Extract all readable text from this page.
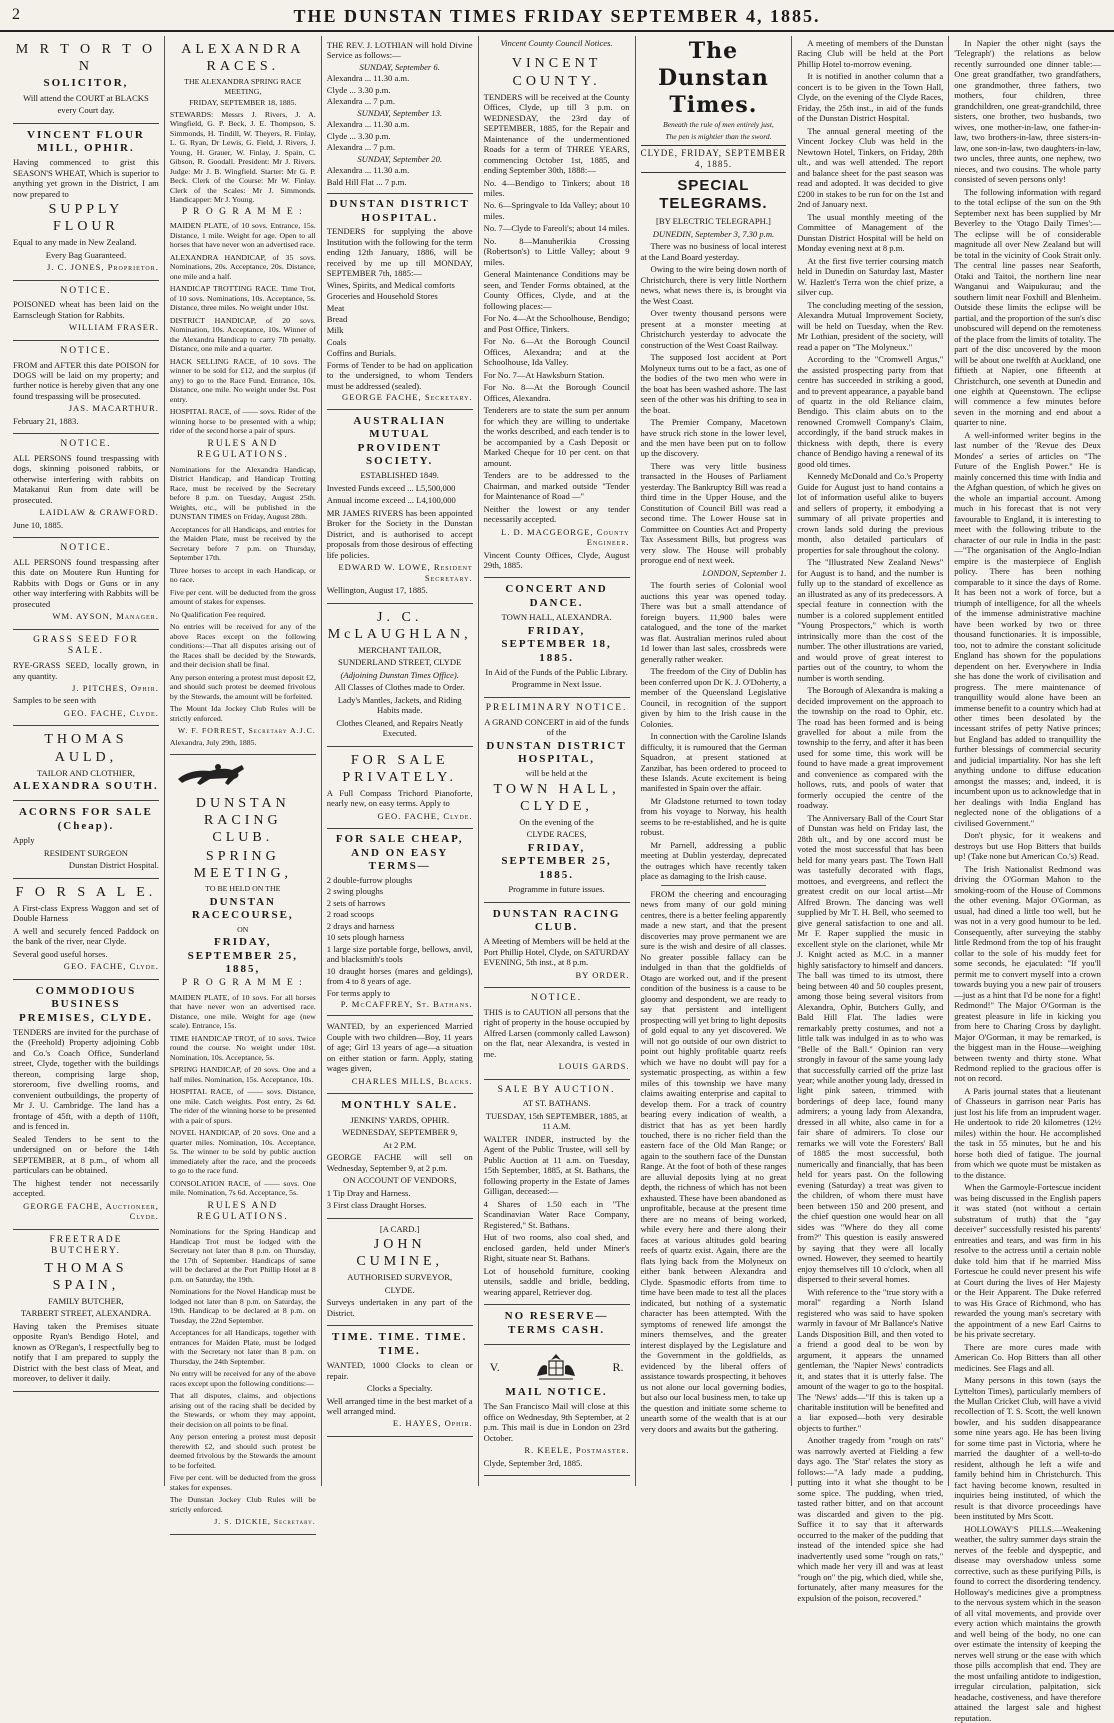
2	THE DUNSTAN TIMES FRIDAY SEPTEMBER 4, 1885.

M R T O R T O N

SOLICITOR,

Will attend the COURT at BLACKS

every Court day.

VINCENT FLOUR MILL, OPHIR.

Having commenced to grist this SEASON'S WHEAT, Which is superior to anything yet grown in the District, I am now prepared to

SUPPLY FLOUR

Equal to any made in New Zealand.

Every Bag Guaranteed.

J. C. JONES, Proprietor.

NOTICE.

POISONED wheat has been laid on the Earnscleugh Station for Rabbits.

WILLIAM FRASER.

NOTICE.

FROM and AFTER this date POISON for DOGS will be laid on my property; and further notice is hereby given that any one found trespassing will be prosecuted.

JAS. MACARTHUR.

February 21, 1883.

NOTICE.

ALL PERSONS found trespassing with dogs, skinning poisoned rabbits, or otherwise interfering with rabbits on Matakanui Run from date will be prosecuted.

LAIDLAW & CRAWFORD.

June 10, 1885.

NOTICE.

ALL PERSONS found trespassing after this date on Moutere Run Hunting for Rabbits with Dogs or Guns or in any other way interfering with Rabbits will be prosecuted

WM. AYSON, Manager.

GRASS SEED FOR SALE.

RYE-GRASS SEED, locally grown, in any quantity.

J. PITCHES, Ophir.

Samples to be seen with

GEO. FACHE, Clyde.

THOMAS AULD,

TAILOR AND CLOTHIER,

ALEXANDRA SOUTH.

ACORNS FOR SALE (Cheap).

Apply

RESIDENT SURGEON

Dunstan District Hospital.

F O R S A L E.

A First-class Express Waggon and set of Double Harness

A well and securely fenced Paddock on the bank of the river, near Clyde.

Several good useful horses.

GEO. FACHE, Clyde.

COMMODIOUS BUSINESS PREMISES, CLYDE.

TENDERS are invited for the purchase of the (Freehold) Property adjoining Cobb and Co.'s Coach Office, Sunderland street, Clyde, together with the buildings thereon, comprising large shop, storeroom, five dwelling rooms, and convenient outbuildings, the property of Mr J. U. Cambridge. The land has a frontage of 45ft, with a depth of 110ft, and is fenced in.

Sealed Tenders to be sent to the undersigned on or before the 14th SEPTEMBER, at 8 p.m., of whom all particulars can be obtained.

The highest tender not necessarily accepted.

GEORGE FACHE, Auctioneer, Clyde.

FREETRADE BUTCHERY.

THOMAS SPAIN,

FAMILY BUTCHER,

TARBERT STREET, ALEXANDRA.

Having taken the Premises situate opposite Ryan's Bendigo Hotel, and known as O'Regan's, I respectfully beg to notify that I am prepared to supply the District with the best class of Meat, and moreover, to deliver it daily.

ALEXANDRA RACES.

THE ALEXANDRA SPRING RACE MEETING,

FRIDAY, SEPTEMBER 18, 1885.

STEWARDS: Messrs J. Rivers, J. A. Wingfield, G. P. Beck, J. E. Thompson, S. Simmonds, H. Tindill, W. Theyers, R. Finlay, L. G. Ryan, Dr Lewis, G. Field, J. Rivers, J. Young, H. Grauer, W. Finlay, J. Spain, C. Gibson, R. Goodall. President: Mr J. Rivers. Judge: Mr J. B. Wingfield. Starter: Mr G. P. Beck. Clerk of the Course: Mr W. Finlay. Clerk of the Scales: Mr J. Simmonds. Handicapper: Mr J. Young.

P R O G R A M M E :

MAIDEN PLATE, of 10 sovs. Entrance, 15s. Distance, 1 mile. Weight for age. Open to all horses that have never won an advertised race.

ALEXANDRA HANDICAP, of 35 sovs. Nominations, 20s. Acceptance, 20s. Distance, one mile and a half.

HANDICAP TROTTING RACE. Time Trot, of 10 sovs. Nominations, 10s. Acceptance, 5s. Distance, three miles. No weight under 10st.

DISTRICT HANDICAP, of 20 sovs. Nomination, 10s. Acceptance, 10s. Winner of the Alexandra Handicap to carry 7lb penalty. Distance, one mile and a quarter.

HACK SELLING RACE, of 10 sovs. The winner to be sold for £12, and the surplus (if any) to go to the Race Fund. Entrance, 10s. Distance, one mile. No weight under 9st. Post entry.

HOSPITAL RACE, of —— sovs. Rider of the winning horse to be presented with a whip; rider of the second horse a pair of spurs.

RULES AND REGULATIONS.

Nominations for the Alexandra Handicap, District Handicap, and Handicap Trotting Race, must be received by the Secretary before 8 p.m. on Tuesday, August 25th. Weights, etc., will be published in the DUNSTAN TIMES on Friday, August 28th.

Acceptances for all Handicaps, and entries for the Maiden Plate, must be received by the Secretary before 7 p.m. on Thursday, September 17th.

Three horses to accept in each Handicap, or no race.

Five per cent. will be deducted from the gross amount of stakes for expenses.

No Qualification Fee required.

No entries will be received for any of the above Races except on the following conditions:—That all disputes arising out of the Races shall be decided by the Stewards, and their decision shall be final.

Any person entering a protest must deposit £2, and should such protest be deemed frivolous by the Stewards, the amount will be forfeited.

The Mount Ida Jockey Club Rules will be strictly enforced.

W. F. FORREST, Secretary A.J.C.

Alexandra, July 29th, 1885.

DUNSTAN RACING CLUB.

SPRING MEETING,

TO BE HELD ON THE

DUNSTAN RACECOURSE,

ON

FRIDAY, SEPTEMBER 25, 1885,

P R O G R A M M E :

MAIDEN PLATE, of 10 sovs. For all horses that have never won an advertised race. Distance, one mile. Weight for age (new scale). Entrance, 15s.

TIME HANDICAP TROT, of 10 sovs. Twice round the course. No weight under 10st. Nomination, 10s. Acceptance, 5s.

SPRING HANDICAP, of 20 sovs. One and a half miles. Nomination, 15s. Acceptance, 10s.

HOSPITAL RACE, of —— sovs. Distance, one mile. Catch weights. Post entry, 2s 6d. The rider of the winning horse to be presented with a pair of spurs.

NOVEL HANDICAP, of 20 sovs. One and a quarter miles. Nomination, 10s. Acceptance, 5s. The winner to be sold by public auction immediately after the race, and the proceeds to go to the race fund.

CONSOLATION RACE, of —— sovs. One mile. Nomination, 7s 6d. Acceptance, 5s.

RULES AND REGULATIONS.

Nominations for the Spring Handicap and Handicap Trot must be lodged with the Secretary not later than 8 p.m. on Thursday, the 17th of September. Handicaps of same will be declared at the Port Phillip Hotel at 8 p.m. on Saturday, the 19th.

Nominations for the Novel Handicap must be lodged not later than 8 p.m. on Saturday, the 19th. Handicap to be declared at 8 p.m. on Tuesday, the 22nd September.

Acceptances for all Handicaps, together with entrances for Maiden Plate, must be lodged with the Secretary not later than 8 p.m. on Thursday, the 24th September.

No entry will be received for any of the above races except upon the following conditions:—

That all disputes, claims, and objections arising out of the racing shall be decided by the Stewards, or whom they may appoint, their decision on all points to be final.

Any person entering a protest must deposit therewith £2, and should such protest be deemed frivolous by the Stewards the amount to be forfeited.

Five per cent. will be deducted from the gross stakes for expenses.

The Dunstan Jockey Club Rules will be strictly enforced.

J. S. DICKIE, Secretary.

THE REV. J. LOTHIAN will hold Divine Service as follows:—

SUNDAY, September 6.

Alexandra ... 11.30 a.m.

Clyde ... 3.30 p.m.

Alexandra ... 7 p.m.

SUNDAY, September 13.

Alexandra ... 11.30 a.m.

Clyde ... 3.30 p.m.

Alexandra ... 7 p.m.

SUNDAY, September 20.

Alexandra ... 11.30 a.m.

Bald Hill Flat ... 7 p.m.

DUNSTAN DISTRICT HOSPITAL.

TENDERS for supplying the above Institution with the following for the term ending 12th January, 1886, will be received by me up till MONDAY, SEPTEMBER 7th, 1885:—

Wines, Spirits, and Medical comforts

Groceries and Household Stores

Meat

Bread

Milk

Coals

Coffins and Burials.

Forms of Tender to be had on application to the undersigned, to whom Tenders must be addressed (sealed).

GEORGE FACHE, Secretary.

AUSTRALIAN MUTUAL PROVIDENT SOCIETY.

ESTABLISHED 1849.

Invested Funds exceed ... L5,500,000

Annual income exceed ... L4,100,000

MR JAMES RIVERS has been appointed Broker for the Society in the Dunstan District, and is authorised to accept proposals from those desirous of effecting life policies.

EDWARD W. LOWE, Resident Secretary.

Wellington, August 17, 1885.

J. C. McLAUGHLAN,

MERCHANT TAILOR,

SUNDERLAND STREET, CLYDE

(Adjoining Dunstan Times Office).

All Classes of Clothes made to Order.

Lady's Mantles, Jackets, and Riding Habits made.

Clothes Cleaned, and Repairs Neatly Executed.

FOR SALE PRIVATELY.

A Full Compass Trichord Pianoforte, nearly new, on easy terms. Apply to

GEO. FACHE, Clyde.

FOR SALE CHEAP, AND ON EASY TERMS—

2 double-furrow ploughs

2 swing ploughs

2 sets of harrows

2 road scoops

2 drays and harness

10 sets plough harness

1 large size portable forge, bellows, anvil, and blacksmith's tools

10 draught horses (mares and geldings), from 4 to 8 years of age.

For terms apply to

P. McCAFFREY, St. Bathans.

WANTED, by an experienced Married Couple with two children—Boy, 11 years of age; Girl 13 years of age—a situation on either station or farm. Apply, stating wages given,

CHARLES MILLS, Blacks.

MONTHLY SALE.

JENKINS' YARDS, OPHIR.

WEDNESDAY, SEPTEMBER 9,

At 2 P.M.

GEORGE FACHE will sell on Wednesday, September 9, at 2 p.m.

ON ACCOUNT OF VENDORS,

1 Tip Dray and Harness.

3 First class Draught Horses.

[A CARD.]

JOHN CUMINE,

AUTHORISED SURVEYOR,

CLYDE.

Surveys undertaken in any part of the District.

TIME. TIME. TIME. TIME.

WANTED, 1000 Clocks to clean or repair.

Clocks a Specialty.

Well arranged time in the best market of a well arranged mind.

E. HAYES, Ophir.

Vincent County Council Notices.

VINCENT COUNTY.

TENDERS will be received at the County Offices, Clyde, up till 3 p.m. on WEDNESDAY, the 23rd day of SEPTEMBER, 1885, for the Repair and Maintenance of the undermentioned Roads for a term of THREE YEARS, commencing October 1st, 1885, and ending September 30th, 1888:—

No. 4—Bendigo to Tinkers; about 18 miles.

No. 6—Springvale to Ida Valley; about 10 miles.

No. 7—Clyde to Fareoli's; about 14 miles.

No. 8—Manuherikia Crossing (Robertson's) to Little Valley; about 9 miles.

General Maintenance Conditions may be seen, and Tender Forms obtained, at the County Offices, Clyde, and at the following places:—

For No. 4—At the Schoolhouse, Bendigo; and Post Office, Tinkers.

For No. 6—At the Borough Council Offices, Alexandra; and at the Schoolhouse, Ida Valley.

For No. 7—At Hawksburn Station.

For No. 8—At the Borough Council Offices, Alexandra.

Tenderers are to state the sum per annum for which they are willing to undertake the works described, and each tender is to be accompanied by a Cash Deposit or Marked Cheque for 10 per cent. on that amount.

Tenders are to be addressed to the Chairman, and marked outside "Tender for Maintenance of Road —"

Neither the lowest or any tender necessarily accepted.

L. D. MACGEORGE, County Engineer.

Vincent County Offices, Clyde, August 29th, 1885.

CONCERT AND DANCE.

TOWN HALL, ALEXANDRA.

FRIDAY, SEPTEMBER 18, 1885.

In Aid of the Funds of the Public Library.

Programme in Next Issue.

PRELIMINARY NOTICE.

A GRAND CONCERT in aid of the funds of the

DUNSTAN DISTRICT HOSPITAL,

will be held at the

TOWN HALL, CLYDE,

On the evening of the

CLYDE RACES,

FRIDAY, SEPTEMBER 25, 1885.

Programme in future issues.

DUNSTAN RACING CLUB.

A Meeting of Members will be held at the Port Phillip Hotel, Clyde, on SATURDAY EVENING, 5th inst., at 8 p.m.

BY ORDER.

NOTICE.

THIS is to CAUTION all persons that the right of property in the house occupied by Alfred Larsen (commonly called Lawson) on the flat, near Alexandra, is vested in me.

LOUIS GARDS.

SALE BY AUCTION.

AT ST. BATHANS.

TUESDAY, 15th SEPTEMBER, 1885, at 11 A.M.

WALTER INDER, instructed by the Agent of the Public Trustee, will sell by Public Auction at 11 a.m. on Tuesday, 15th September, 1885, at St. Bathans, the following property in the Estate of James Gilligan, deceased:—

4 Shares of 1.50 each in "The Scandinavian Water Race Company, Registered," St. Bathans.

Hut of two rooms, also coal shed, and enclosed garden, held under Miner's Right, situate near St. Bathans.

Lot of household furniture, cooking utensils, saddle and bridle, bedding, wearing apparel, Retriever dog.

NO RESERVE—TERMS CASH.

V.	R.

MAIL NOTICE.

The San Francisco Mail will close at this office on Wednesday, 9th September, at 2 p.m. This mail is due in London on 23rd October.

R. KEELE, Postmaster.

Clyde, September 3rd, 1885.

The Dunstan Times.

Beneath the rule of men entirely just,

The pen is mightier than the sword.

CLYDE, FRIDAY, SEPTEMBER 4, 1885.
SPECIAL TELEGRAMS.

[BY ELECTRIC TELEGRAPH.]

DUNEDIN, September 3, 7.30 p.m.

There was no business of local interest at the Land Board yesterday.

Owing to the wire being down north of Christchurch, there is very little Northern news, what news there is, is brought via the West Coast.

Over twenty thousand persons were present at a monster meeting at Christchurch yesterday to advocate the construction of the West Coast Railway.

The supposed lost accident at Port Molyneux turns out to be a fact, as one of the bodies of the two men who were in the boat has been washed ashore. The last seen of the other was his drifting to sea in the boat.

The Premier Company, Macetown have struck rich stone in the lower level, and the men have been put on to follow up the discovery.

There was very little business transacted in the Houses of Parliament yesterday. The Bankruptcy Bill was read a third time in the Upper House, and the Constitution of Council Bill was read a second time. The Lower House sat in Committee on Counties Act and Property Tax Assessment Bills, but progress was very slow. The House will probably prorogue end of next week.

LONDON, September 1.

The fourth series of Colonial wool auctions this year was opened today. There was but a small attendance of foreign buyers. 11,900 bales were catalogued, and the tone of the market was flat. Australian merinos ruled about 1d lower than last sales, crossbreds were generally rather weaker.

The freedom of the City of Dublin has been conferred upon Dr K. J. O'Doherty, a member of the Queensland Legislative Council, in recognition of the support given by him to the Irish cause in the Colonies.

In connection with the Caroline Islands difficulty, it is rumoured that the German Squadron, at present stationed at Zanzibar, has been ordered to proceed to these Islands. Acute excitement is being manifested in Spain over the affair.

Mr Gladstone returned to town today from his voyage to Norway, his health seems to be re-established, and he is quite robust.

Mr Parnell, addressing a public meeting at Dublin yesterday, deprecated the outrages which have recently taken place as damaging to the Irish cause.

FROM the cheering and encouraging news from many of our gold mining centres, there is a better feeling apparently made a new start, and that the present discoveries may prove permanent we are sure is the wish and desire of all classes. No greater possible fallacy can be indulged in than that the goldfields of Otago are worked out, and if the present condition of the business is a cause to be gloomy and despondent, we are ready to say that persistent and intelligent prospecting will yet bring to light deposits of gold equal to any yet discovered. We will not go outside of our own district to point out highly profitable quartz reefs which we have no doubt will pay for a systematic prospecting, as within a few miles of this township we have many claims awaiting enterprise and capital to develop them. For a track of country bearing every indication of wealth, a district that has as yet been hardly touched, there is no richer field than the eastern face of the Old Man Range; or again to the southern face of the Dunstan Range. At the foot of both of these ranges are alluvial deposits lying at no great depth, the richness of which has not been exhausted. These have been abandoned as unprofitable, because at the present time there are no means of being worked, while every here and there along their faces at various altitudes gold bearing reefs of quartz exist. Again, there are the flats lying back from the Molyneux on either bank between Alexandra and Clyde. Spasmodic efforts from time to time have been made to test all the places indicated, but nothing of a systematic character has been attempted. With the symptoms of renewed life amongst the miners themselves, and the greater interest displayed by the Legislature and the Government in the goldfields, as evidenced by the liberal offers of assistance towards prospecting, it behoves us not alone our local governing bodies, but also our local business men, to take up the question and initiate some scheme to unearth some of the wealth that is at our very doors and awaits but the gathering.

A meeting of members of the Dunstan Racing Club will be held at the Port Phillip Hotel to-morrow evening.

It is notified in another column that a concert is to be given in the Town Hall, Clyde, on the evening of the Clyde Races, Friday, the 25th inst., in aid of the funds of the Dunstan District Hospital.

The annual general meeting of the Vincent Jockey Club was held in the Newtown Hotel, Tinkers, on Friday, 28th ult., and was well attended. The report and balance sheet for the past season was read and adopted. It was decided to give £200 in stakes to be run for on the 1st and 2nd of January next.

The usual monthly meeting of the Committee of Management of the Dunstan District Hospital will be held on Monday evening next at 8 p.m.

At the first five terrier coursing match held in Dunedin on Saturday last, Master W. Hazlett's Terra won the chief prize, a silver cup.

The concluding meeting of the session, Alexandra Mutual Improvement Society, will be held on Tuesday, when the Rev. Mr Lothian, president of the society, will read a paper on "The Molyneux."

According to the "Cromwell Argus," the assisted prospecting party from that centre has succeeded in striking a good, and to prevent appearance, a payable band of quartz in the old Reliance claim, Bendigo. This claim abuts on to the renowned Cromwell Company's Claim, accordingly, if the band struck makes in thickness with depth, there is every chance of Bendigo having a renewal of its good old times.

Kennedy McDonald and Co.'s Property Guide for August just to hand contains a lot of information useful alike to buyers and sellers of property, it embodying a summary of all private properties and crown lands sold during the previous month, also detailed particulars of properties for sale throughout the colony.

The "Illustrated New Zealand News" for August is to hand, and the number is fully up to the standard of excellence as an illustrated as any of its predecessors. A special feature in connection with the number is a colored supplement entitled "Young Prospectors," which is worth intrinsically more than the cost of the number. The other illustrations are varied, and would prove of great interest to parties out of the country, to whom the number is worth sending.

The Borough of Alexandra is making a decided improvement on the approach to the township on the road to Ophir, etc. The road has been formed and is being gravelled for about a mile from the township to the ferry, and after it has been used for some time, this work will be found to have made a great improvement and convenience as compared with the hollows, ruts, and pools of water that formerly occupied the centre of the roadway.

The Anniversary Ball of the Court Star of Dunstan was held on Friday last, the 28th ult., and by one accord must be voted the most successful that has been held for many years past. The Town Hall was tastefully decorated with flags, mottoes, and evergreens, and reflect the greatest credit on our local artist—Mr Alfred Brown. The dancing was well supplied by Mr T. H. Bell, who seemed to give general satisfaction to one and all. Mr F. Raper supplied the music in excellent style on the clarionet, while Mr J. Knight acted as M.C. in a manner highly satisfactory to himself and dancers. The ball was timed to its utmost, there being between 40 and 50 couples present, among those being several visitors from Alexandra, Ophir, Butchers Gully, and Bald Hill Flat. The ladies were remarkably pretty costumes, and not a little talk was indulged in as to who was "Belle of the Ball." Opinion ran very strongly in favour of the same young lady that successfully carried off the prize last year; while another young lady, dressed in light pink sateen, trimmed with borderings of deep lace, found many admirers; a young lady from Alexandra, dressed in all white, also came in for a fair share of admirers. To close our remarks we will vote the Foresters' Ball of 1885 the most successful, both numerically and financially, that has been held for years past. On the following evening (Saturday) a treat was given to the children, of whom there must have been between 150 and 200 present, and the chief question one would hear on all sides was "Where do they all come from?" This question is easily answered by saying that they were all locally owned. However, they seemed to heartily enjoy themselves till 10 o'clock, when all dispersed to their several homes.

With reference to the "true story with a moral" regarding a North Island registered who was said to have spoken warmly in favour of Mr Ballance's Native Lands Disposition Bill, and then voted to a friend a good deal to be won by argument, it appears the unnamed gentleman, the 'Napier News' contradicts it, and states that it is utterly false. The amount of the wager to go to the hospital. The 'News' adds—"If this is taken up a charitable institution will be benefited and a liar exposed—both very desirable objects to further."

Another tragedy from "rough on rats" was narrowly averted at Fielding a few days ago. The 'Star' relates the story as follows:—"A lady made a pudding, putting into it what she thought to be some spice. The pudding, when tried, tasted rather bitter, and on that account was discarded and given to the pig. Suffice it to say that it afterwards occurred to the maker of the pudding that instead of the intended spice she had inadvertently used some "rough on rats," which made her very ill and was at least "rough on" the pig, which died, while she, fortunately, after many measures for the expulsion of the poison, recovered."

In Napier the other night (says the 'Telegraph') the relations as below recently surrounded one dinner table:—One great grandfather, two grandfathers, one grandmother, three fathers, two mothers, four children, three grandchildren, one great-grandchild, three sisters, one brother, two husbands, two wives, one mother-in-law, one father-in-law, two brothers-in-law, three sisters-in-law, one son-in-law, two daughters-in-law, two uncles, three aunts, one nephew, two nieces, and two cousins. The whole party consisted of seven persons only!

The following information with regard to the total eclipse of the sun on the 9th September next has been supplied by Mr Beverley to the 'Otago Daily Times':—The eclipse will be of considerable magnitude all over New Zealand but will be total in the vicinity of Cook Strait only. The central line passes near Seaforth, Otaki and Taitoi, the northern line near Wanganui and Waipukurau; and the southern limit near Foxhill and Blenheim. Outside these limits the eclipse will be partial, and the proportion of the sun's disc unobscured will depend on the remoteness of the place from the limits of totality. The part of the disc uncovered by the moon will be about one twelfth at Auckland, one fiftieth at Napier, one fifteenth at Christchurch, one seventh at Dunedin and one eighth at Queenstown. The eclipse will commence a few minutes before seven in the morning and end about a quarter to nine.

A well-informed writer begins in the last number of the 'Revue des Deux Mondes' a series of articles on "The Future of the English Power." He is mainly concerned this time with India and the Afghan question, of which he gives on the whole an impartial account. Among much in his forecast that is not very favourable to England, it is interesting to meet with the following tribute to the character of our rule in India in the past:—"The organisation of the Anglo-Indian empire is the masterpiece of English policy. There has been nothing comparable to it since the days of Rome. It has been not a work of force, but a triumph of intelligence, for all the wheels of the immense administrative machine have been worked by two or three thousand functionaries. It is impossible, too, not to admire the constant solicitude England has shown for the populations dependent on her. Everywhere in India she has done the work of civilisation and progress. The mere maintenance of tranquillity would alone have been an immense benefit to a country which had at other times been desolated by the incessant strifes of petty Native princes; but England has added to tranquillity the further blessings of commercial security and judicial impartiality. Nor has she left anything undone to diffuse education amongst the masses; and, indeed, it is incumbent upon us to acknowledge that in her dealings with India England has neglected none of the obligations of a civilised Government."

Don't physic, for it weakens and destroys but use Hop Bitters that builds up! (Take none but American Co.'s) Read.

The Irish Nationalist Redmond was driving the O'Gorman Mahon to the smoking-room of the House of Commons the other evening. Major O'Gorman, as usual, had dined a little too well, but he was not in a very good humour to be led. Consequently, after surveying the stabby little Redmond from the top of his fraught collar to the sole of his muddy feet for some seconds, he ejaculated: "If you'll permit me to convert myself into a crown towards buying you a new pair of trousers—just as a hint that I'd be none for a fight! Redmond!" The Major O'Gorman is the greatest pleasure in life in kicking you from here to Charing Cross by daylight. Major O'Gorman, it may be remarked, is the biggest man in the House—weighing between twenty and thirty stone. What Redmond replied to the gracious offer is not on record.

A Paris journal states that a lieutenant of Chasseurs in garrison near Paris has just lost his life from an imprudent wager. He undertook to ride 20 kilometres (12½ miles) within the hour. He accomplished the task in 55 minutes, but he and his horse both died of fatigue. The journal from which we quote must be mistaken as to the distance.

When the Garmoyle-Fortescue incident was being discussed in the English papers it was stated (not without a certain substratum of truth) that the "gay deceiver" successfully resisted his parents' entreaties and tears, and was firm in his resolve to the actress until a certain noble duke told him that if he married Miss Fortescue he could never present his wife at Court during the lives of Her Majesty or the Heir Apparent. The Duke referred to was His Grace of Richmond, who has rewarded the young man's secretary with the appointment of a new Earl Cairns to be his private secretary.

There are more cures made with American Co. Hop Bitters than all other medicines. See Flags and all.

Many persons in this town (says the Lyttelton Times), particularly members of the Mullan Cricket Club, will have a vivid recollection of T. S. Scott, the well known bowler, and his sudden disappearance some nine years ago. He has been living for some time past in Victoria, where he married the daughter of a well-to-do resident, although he left a wife and family behind him in Christchurch. This fact having become known, resulted in inquiries being instituted, of which the result is that divorce proceedings have been instituted by Mrs Scott.

HOLLOWAY'S PILLS.—Weakening weather, the sultry summer days strain the nerves of the feeble and dyspeptic, and disease may overshadow unless some corrective, such as these purifying Pills, is found to correct the disordering tendency. Holloway's medicines give a promptness to the nervous system which in the season of all vital movements, and provide over every action which maintains the growth and well being of the body, no one can over estimate the intensity of keeping the nerves well strung or the ease with which those pills accomplish that end. They are the most unfailing antidote to indigestion, irregular circulation, palpitation, sick headache, costiveness, and have therefore attained the largest sale and highest reputation.
